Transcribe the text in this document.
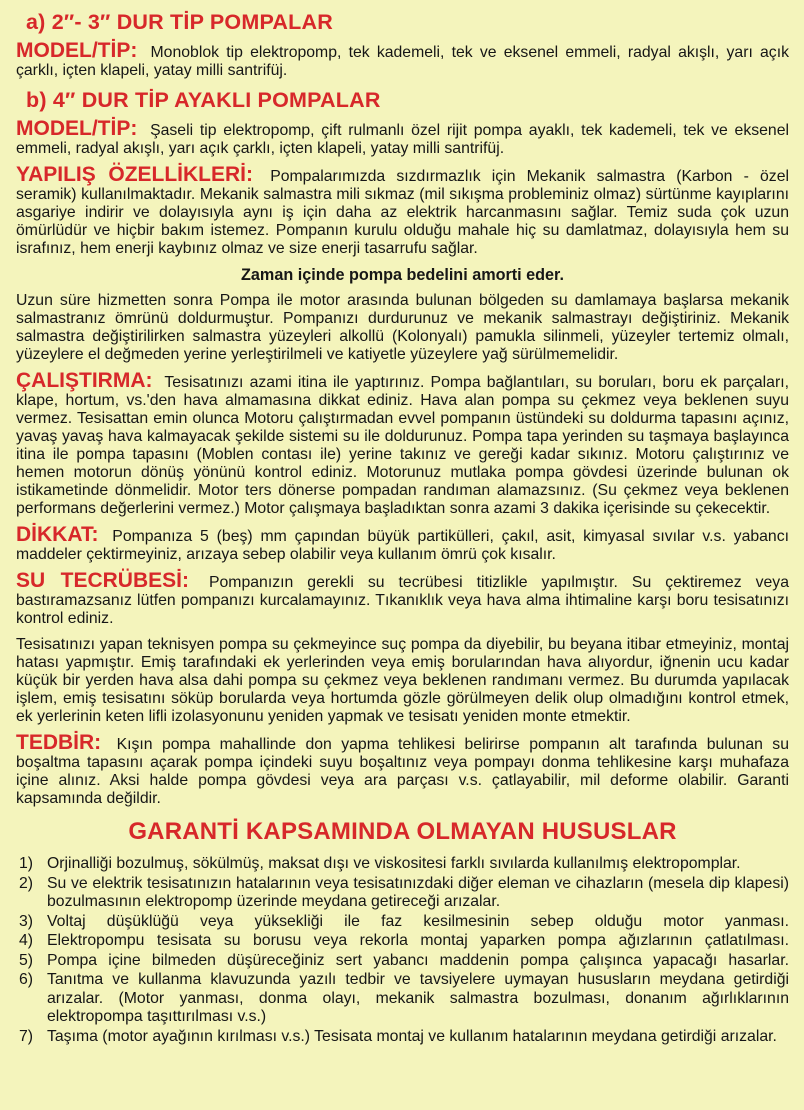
a) 2″- 3″ DUR TİP POMPALAR

MODEL/TİP: Monoblok tip elektropomp, tek kademeli, tek ve eksenel emmeli, radyal akışlı, yarı açık çarklı, içten klapeli, yatay milli santrifüj.

b) 4″ DUR TİP AYAKLI POMPALAR

MODEL/TİP: Şaseli tip elektropomp, çift rulmanlı özel rijit pompa ayaklı, tek kademeli, tek ve eksenel emmeli, radyal akışlı, yarı açık çarklı, içten klapeli, yatay milli santrifüj.

YAPILIŞ ÖZELLİKLERİ: Pompalarımızda sızdırmazlık için Mekanik salmastra (Karbon - özel seramik) kullanılmaktadır. Mekanik salmastra mili sıkmaz (mil sıkışma probleminiz olmaz) sürtünme kayıplarını asgariye indirir ve dolayısıyla aynı iş için daha az elektrik harcanmasını sağlar. Temiz suda çok uzun ömürlüdür ve hiçbir bakım istemez. Pompanın kurulu olduğu mahale hiç su damlatmaz, dolayısıyla hem su israfınız, hem enerji kaybınız olmaz ve size enerji tasarrufu sağlar.

Zaman içinde pompa bedelini amorti eder.

Uzun süre hizmetten sonra Pompa ile motor arasında bulunan bölgeden su damlamaya başlarsa mekanik salmastranız ömrünü doldurmuştur. Pompanızı durdurunuz ve mekanik salmastrayı değiştiriniz. Mekanik salmastra değiştirilirken salmastra yüzeyleri alkollü (Kolonyalı) pamukla silinmeli, yüzeyler tertemiz olmalı, yüzeylere el değmeden yerine yerleştirilmeli ve katiyetle yüzeylere yağ sürülmemelidir.

ÇALIŞTIRMA: Tesisatınızı azami itina ile yaptırınız. Pompa bağlantıları, su boruları, boru ek parçaları, klape, hortum, vs.'den hava almamasına dikkat ediniz. Hava alan pompa su çekmez veya beklenen suyu vermez. Tesisattan emin olunca Motoru çalıştırmadan evvel pompanın üstündeki su doldurma tapasını açınız, yavaş yavaş hava kalmayacak şekilde sistemi su ile doldurunuz. Pompa tapa yerinden su taşmaya başlayınca itina ile pompa tapasını (Moblen contası ile) yerine takınız ve gereği kadar sıkınız. Motoru çalıştırınız ve hemen motorun dönüş yönünü kontrol ediniz. Motorunuz mutlaka pompa gövdesi üzerinde bulunan ok istikametinde dönmelidir. Motor ters dönerse pompadan randıman alamazsınız. (Su çekmez veya beklenen performans değerlerini vermez.) Motor çalışmaya başladıktan sonra azami 3 dakika içerisinde su çekecektir.

DİKKAT: Pompanıza 5 (beş) mm çapından büyük partikülleri, çakıl, asit, kimyasal sıvılar v.s. yabancı maddeler çektirmeyiniz, arızaya sebep olabilir veya kullanım ömrü çok kısalır.

SU TECRÜBESİ: Pompanızın gerekli su tecrübesi titizlikle yapılmıştır. Su çektiremez veya bastıramazsanız lütfen pompanızı kurcalamayınız. Tıkanıklık veya hava alma ihtimaline karşı boru tesisatınızı kontrol ediniz.

Tesisatınızı yapan teknisyen pompa su çekmeyince suç pompa da diyebilir, bu beyana itibar etmeyiniz, montaj hatası yapmıştır. Emiş tarafındaki ek yerlerinden veya emiş borularından hava alıyordur, iğnenin ucu kadar küçük bir yerden hava alsa dahi pompa su çekmez veya beklenen randımanı vermez. Bu durumda yapılacak işlem, emiş tesisatını söküp borularda veya hortumda gözle görülmeyen delik olup olmadığını kontrol etmek, ek yerlerinin keten lifli izolasyonunu yeniden yapmak ve tesisatı yeniden monte etmektir.

TEDBİR: Kışın pompa mahallinde don yapma tehlikesi belirirse pompanın alt tarafında bulunan su boşaltma tapasını açarak pompa içindeki suyu boşaltınız veya pompayı donma tehlikesine karşı muhafaza içine alınız. Aksi halde pompa gövdesi veya ara parçası v.s. çatlayabilir, mil deforme olabilir. Garanti kapsamında değildir.

GARANTİ KAPSAMINDA OLMAYAN HUSUSLAR
1) Orjinalliği bozulmuş, sökülmüş, maksat dışı ve viskositesi farklı sıvılarda kullanılmış elektropomplar.
2) Su ve elektrik tesisatınızın hatalarının veya tesisatınızdaki diğer eleman ve cihazların (mesela dip klapesi) bozulmasının elektropomp üzerinde meydana getireceği arızalar.
3) Voltaj düşüklüğü veya yüksekliği ile faz kesilmesinin sebep olduğu motor yanması.
4) Elektropompu tesisata su borusu veya rekorla montaj yaparken pompa ağızlarının çatlatılması.
5) Pompa içine bilmeden düşüreceğiniz sert yabancı maddenin pompa çalışınca yapacağı hasarlar.
6) Tanıtma ve kullanma klavuzunda yazılı tedbir ve tavsiyelere uymayan hususların meydana getirdiği arızalar. (Motor yanması, donma olayı, mekanik salmastra bozulması, donanım ağırlıklarının elektropompa taşıttırılması v.s.)
7) Taşıma (motor ayağının kırılması v.s.) Tesisata montaj ve kullanım hatalarının meydana getirdiği arızalar.
